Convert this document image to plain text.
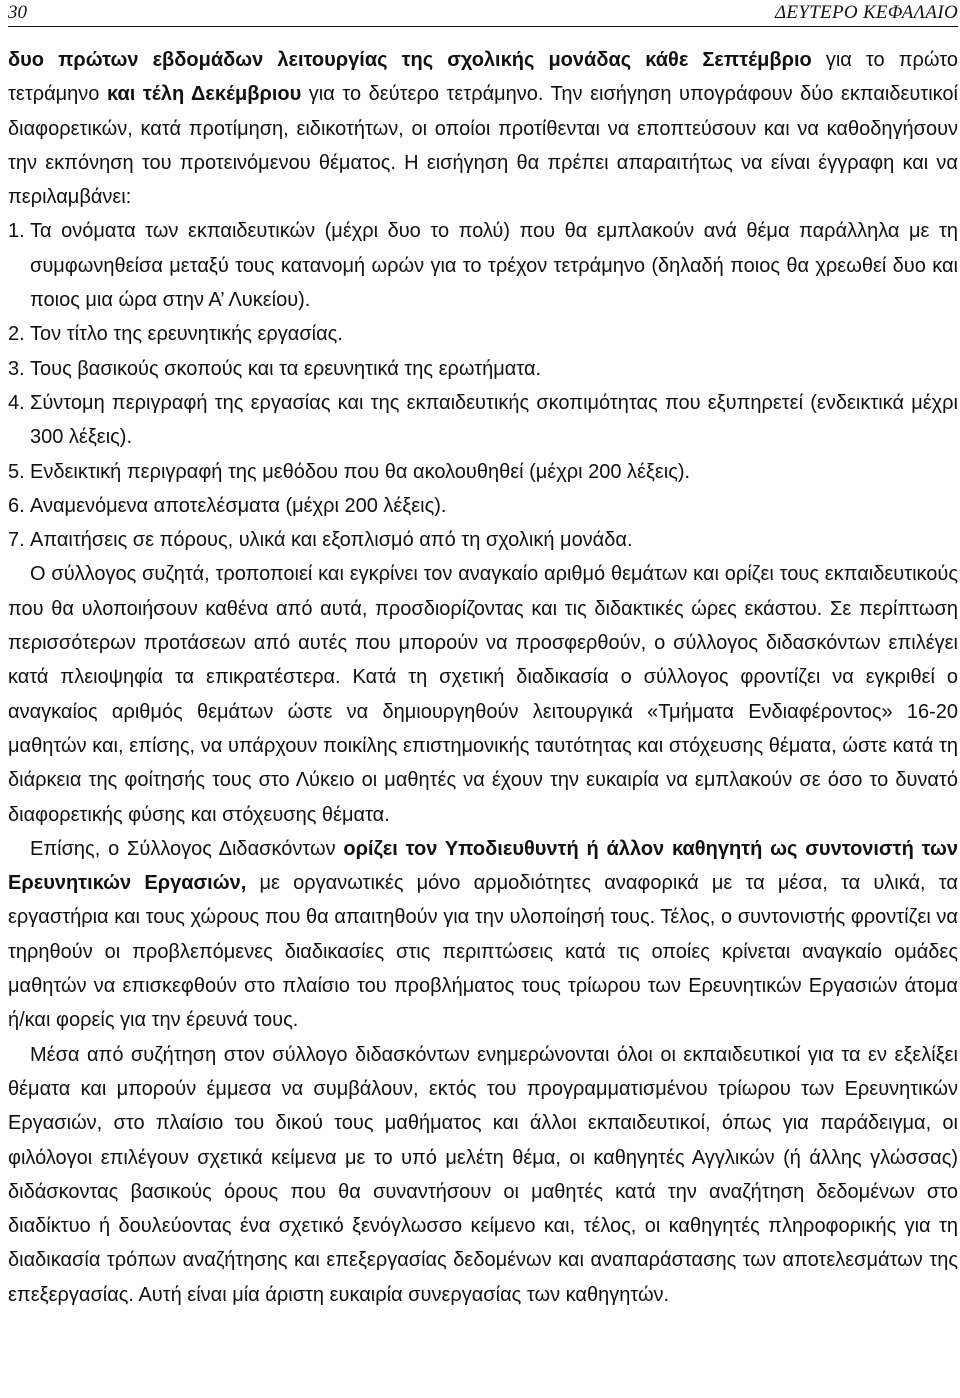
30	ΔΕΥΤΕΡΟ ΚΕΦΑΛΑΙΟ

δυο πρώτων εβδομάδων λειτουργίας της σχολικής μονάδας κάθε Σεπτέμβριο για το πρώτο τετράμηνο και τέλη Δεκέμβριου για το δεύτερο τετράμηνο. Την εισήγηση υπογράφουν δύο εκπαιδευτικοί διαφορετικών, κατά προτίμηση, ειδικοτήτων, οι οποίοι προτίθενται να εποπτεύσουν και να καθοδηγήσουν την εκπόνηση του προτεινόμενου θέματος. Η εισήγηση θα πρέπει απαραιτήτως να είναι έγγραφη και να περιλαμβάνει:

1. Τα ονόματα των εκπαιδευτικών (μέχρι δυο το πολύ) που θα εμπλακούν ανά θέμα παράλληλα με τη συμφωνηθείσα μεταξύ τους κατανομή ωρών για το τρέχον τετράμηνο (δηλαδή ποιος θα χρεωθεί δυο και ποιος μια ώρα στην Α’ Λυκείου).
2. Τον τίτλο της ερευνητικής εργασίας.
3. Τους βασικούς σκοπούς και τα ερευνητικά της ερωτήματα.
4. Σύντομη περιγραφή της εργασίας και της εκπαιδευτικής σκοπιμότητας που εξυπηρετεί (ενδεικτικά μέχρι 300 λέξεις).
5. Ενδεικτική περιγραφή της μεθόδου που θα ακολουθηθεί (μέχρι 200 λέξεις).
6. Αναμενόμενα αποτελέσματα (μέχρι 200 λέξεις).
7. Απαιτήσεις σε πόρους, υλικά και εξοπλισμό από τη σχολική μονάδα.

Ο σύλλογος συζητά, τροποποιεί και εγκρίνει τον αναγκαίο αριθμό θεμάτων και ορίζει τους εκπαιδευτικούς που θα υλοποιήσουν καθένα από αυτά, προσδιορίζοντας και τις διδακτικές ώρες εκάστου. Σε περίπτωση περισσότερων προτάσεων από αυτές που μπορούν να προσφερθούν, ο σύλλογος διδασκόντων επιλέγει κατά πλειοψηφία τα επικρατέστερα. Κατά τη σχετική διαδικασία ο σύλλογος φροντίζει να εγκριθεί ο αναγκαίος αριθμός θεμάτων ώστε να δημιουργηθούν λειτουργικά «Τμήματα Ενδιαφέροντος» 16-20 μαθητών και, επίσης, να υπάρχουν ποικίλης επιστημονικής ταυτότητας και στόχευσης θέματα, ώστε κατά τη διάρκεια της φοίτησής τους στο Λύκειο οι μαθητές να έχουν την ευκαιρία να εμπλακούν σε όσο το δυνατό διαφορετικής φύσης και στόχευσης θέματα.

Επίσης, ο Σύλλογος Διδασκόντων ορίζει τον Υποδιευθυντή ή άλλον καθηγητή ως συντονιστή των Ερευνητικών Εργασιών, με οργανωτικές μόνο αρμοδιότητες αναφορικά με τα μέσα, τα υλικά, τα εργαστήρια και τους χώρους που θα απαιτηθούν για την υλοποίησή τους. Τέλος, ο συντονιστής φροντίζει να τηρηθούν οι προβλεπόμενες διαδικασίες στις περιπτώσεις κατά τις οποίες κρίνεται αναγκαίο ομάδες μαθητών να επισκεφθούν στο πλαίσιο του προβλήματος τους τρίωρου των Ερευνητικών Εργασιών άτομα ή/και φορείς για την έρευνά τους.

Μέσα από συζήτηση στον σύλλογο διδασκόντων ενημερώνονται όλοι οι εκπαιδευτικοί για τα εν εξελίξει θέματα και μπορούν έμμεσα να συμβάλουν, εκτός του προγραμματισμένου τρίωρου των Ερευνητικών Εργασιών, στο πλαίσιο του δικού τους μαθήματος και άλλοι εκπαιδευτικοί, όπως για παράδειγμα, οι φιλόλογοι επιλέγουν σχετικά κείμενα με το υπό μελέτη θέμα, οι καθηγητές Αγγλικών (ή άλλης γλώσσας) διδάσκοντας βασικούς όρους που θα συναντήσουν οι μαθητές κατά την αναζήτηση δεδομένων στο διαδίκτυο ή δουλεύοντας ένα σχετικό ξενόγλωσσο κείμενο και, τέλος, οι καθηγητές πληροφορικής για τη διαδικασία τρόπων αναζήτησης και επεξεργασίας δεδομένων και αναπαράστασης των αποτελεσμάτων της επεξεργασίας. Αυτή είναι μία άριστη ευκαιρία συνεργασίας των καθηγητών.
